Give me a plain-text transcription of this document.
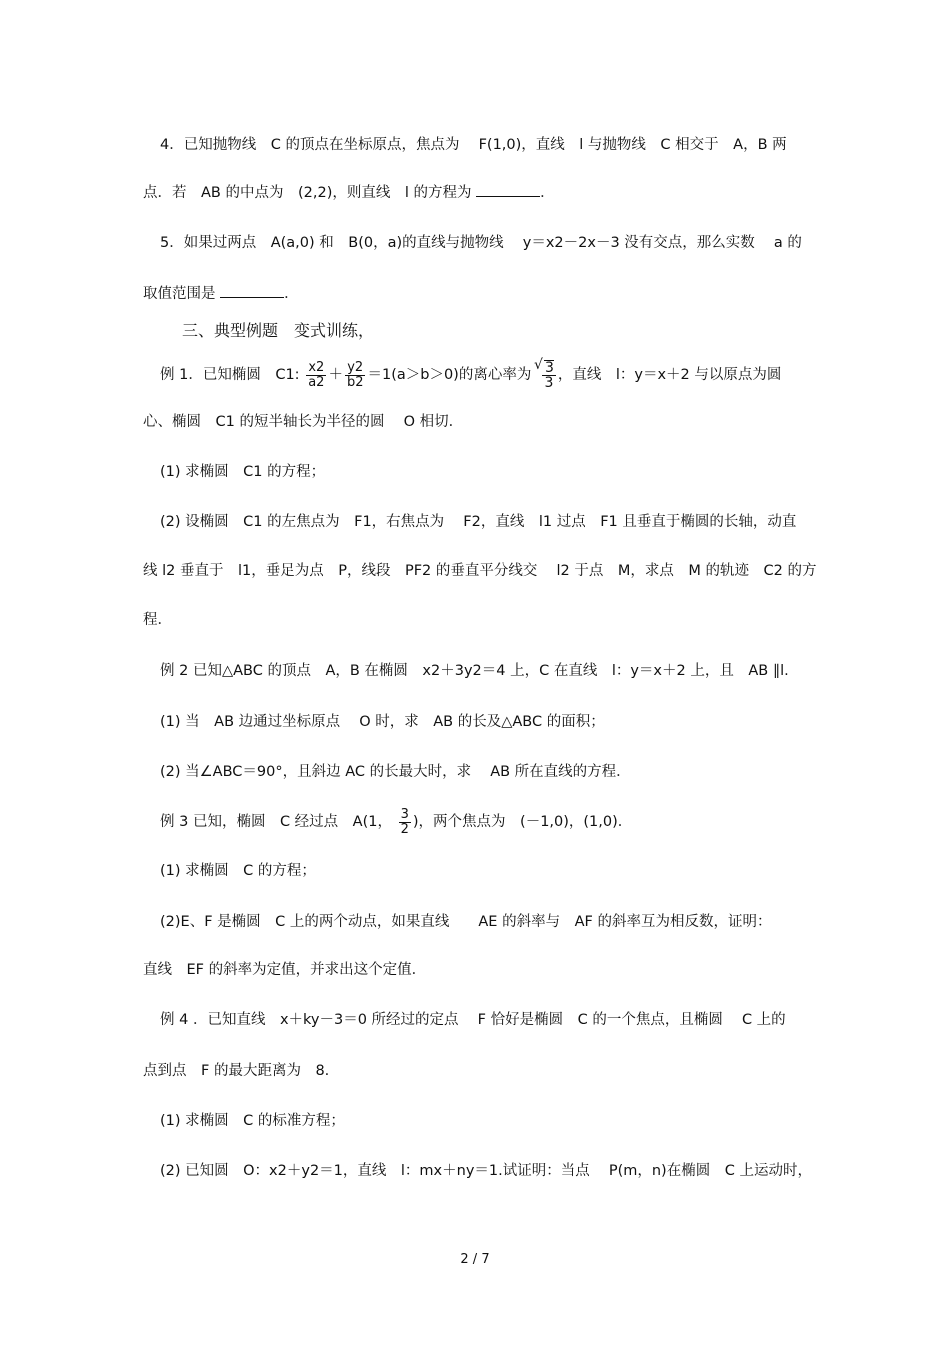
4．已知抛物线　C 的顶点在坐标原点，焦点为　 F(1,0)，直线　l 与抛物线　C 相交于　A，B 两
点．若　AB 的中点为　(2,2)，则直线　l 的方程为	．
5．如果过两点　A(a,0) 和　B(0，a)的直线与抛物线　 y＝x2－2x－3 没有交点，那么实数　 a 的
取值范围是	．
三、典型例题　变式训练，
例 1．已知椭圆　C1: $\frac{x2}{a2} + \frac{y2}{b2} =1(a>b>0)$的离心率为
√ $\frac{3}{3}$ ，直线　l：y＝x＋2 与以原点为圆
心、椭圆　C1 的短半轴长为半径的圆　 O 相切．
(1) 求椭圆　C1 的方程；
(2) 设椭圆　C1 的左焦点为　F1，右焦点为　 F2，直线　l1 过点　F1 且垂直于椭圆的长轴，动直
线 l2 垂直于　l1，垂足为点　P，线段　PF2 的垂直平分线交　 l2 于点　M，求点　M 的轨迹　C2 的方
程．
例 2 已知△ABC 的顶点　A，B 在椭圆　x2＋3y2＝4 上，C 在直线　l：y＝x＋2 上，且　AB ∥l.
(1) 当　AB 边通过坐标原点　 O 时，求　AB 的长及△ABC 的面积；
(2) 当∠ABC＝90°，且斜边 AC 的长最大时，求　 AB 所在直线的方程．
例 3 已知，椭圆　C 经过点　A(1， $\frac{3}{2}$ )，两个焦点为　(－1,0)，(1,0)．
(1) 求椭圆　C 的方程；
(2)E、F 是椭圆　C 上的两个动点，如果直线　　AE 的斜率与　AF 的斜率互为相反数，证明：
直线　EF 的斜率为定值，并求出这个定值．
例 4 ．已知直线　x＋ky－3＝0 所经过的定点　 F 恰好是椭圆　C 的一个焦点，且椭圆　 C 上的
点到点　F 的最大距离为　8.
(1) 求椭圆　C 的标准方程；
(2) 已知圆　O：x2＋y2＝1，直线　l：mx＋ny＝1.试证明：当点　 P(m，n)在椭圆　C 上运动时，
2 / 7
